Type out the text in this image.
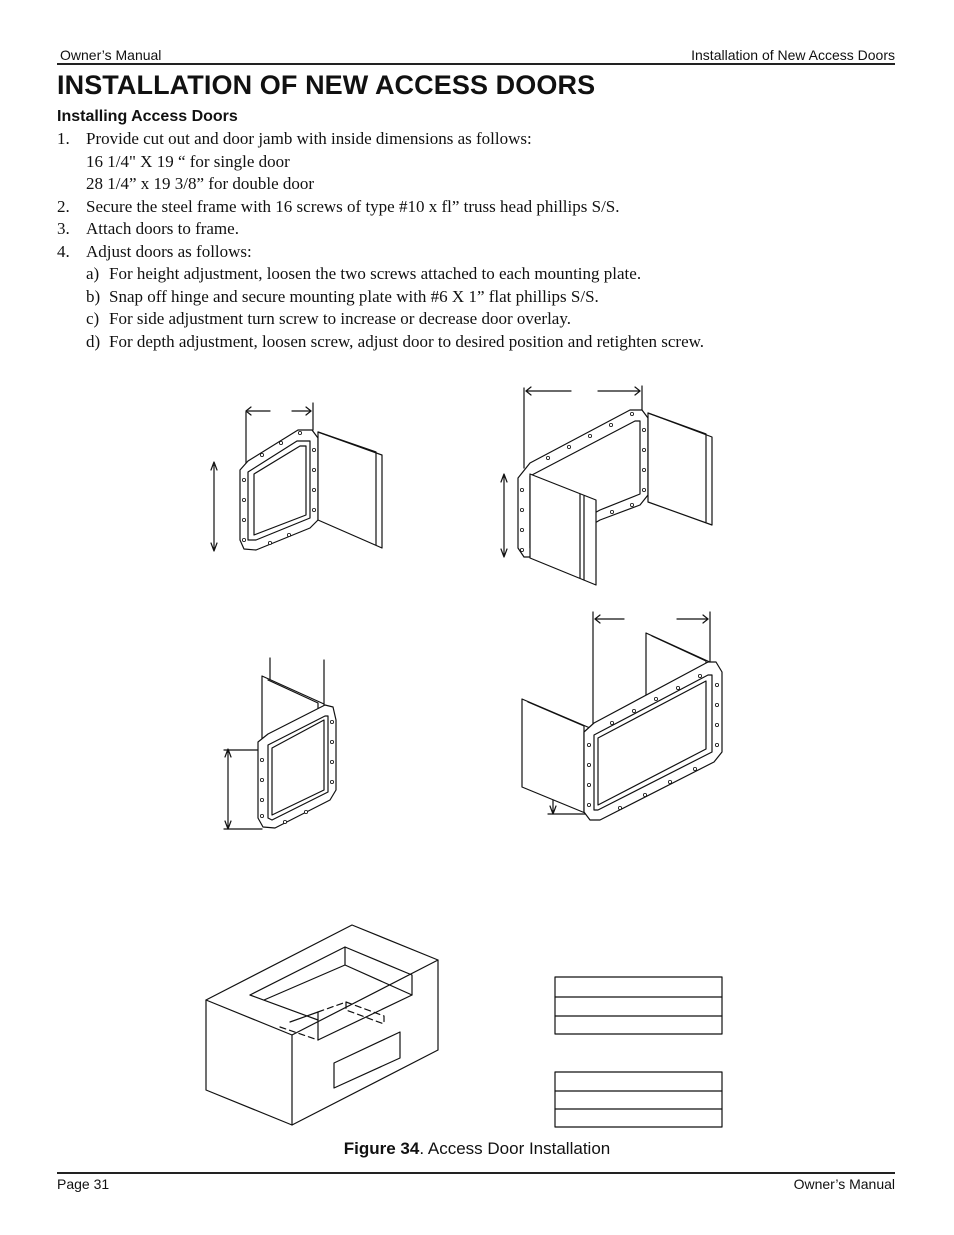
Owner’s Manual	Installation of New Access Doors
INSTALLATION OF NEW ACCESS DOORS
Installing Access Doors
1. Provide cut out and door jamb with inside dimensions as follows:
16 1/4" X 19 “ for single door
28 1/4” x 19 3/8” for double door
2. Secure the steel frame with 16 screws of type #10 x fl” truss head phillips S/S.
3. Attach doors to frame.
4. Adjust doors as follows:
a) For height adjustment, loosen the two screws attached to each mounting plate.
b) Snap off hinge and secure mounting plate with #6 X 1” flat phillips S/S.
c) For side adjustment turn screw to increase or decrease door overlay.
d) For depth adjustment, loosen screw, adjust door to desired position and retighten screw.
Figure 34. Access Door Installation
Page 31	Owner’s Manual
